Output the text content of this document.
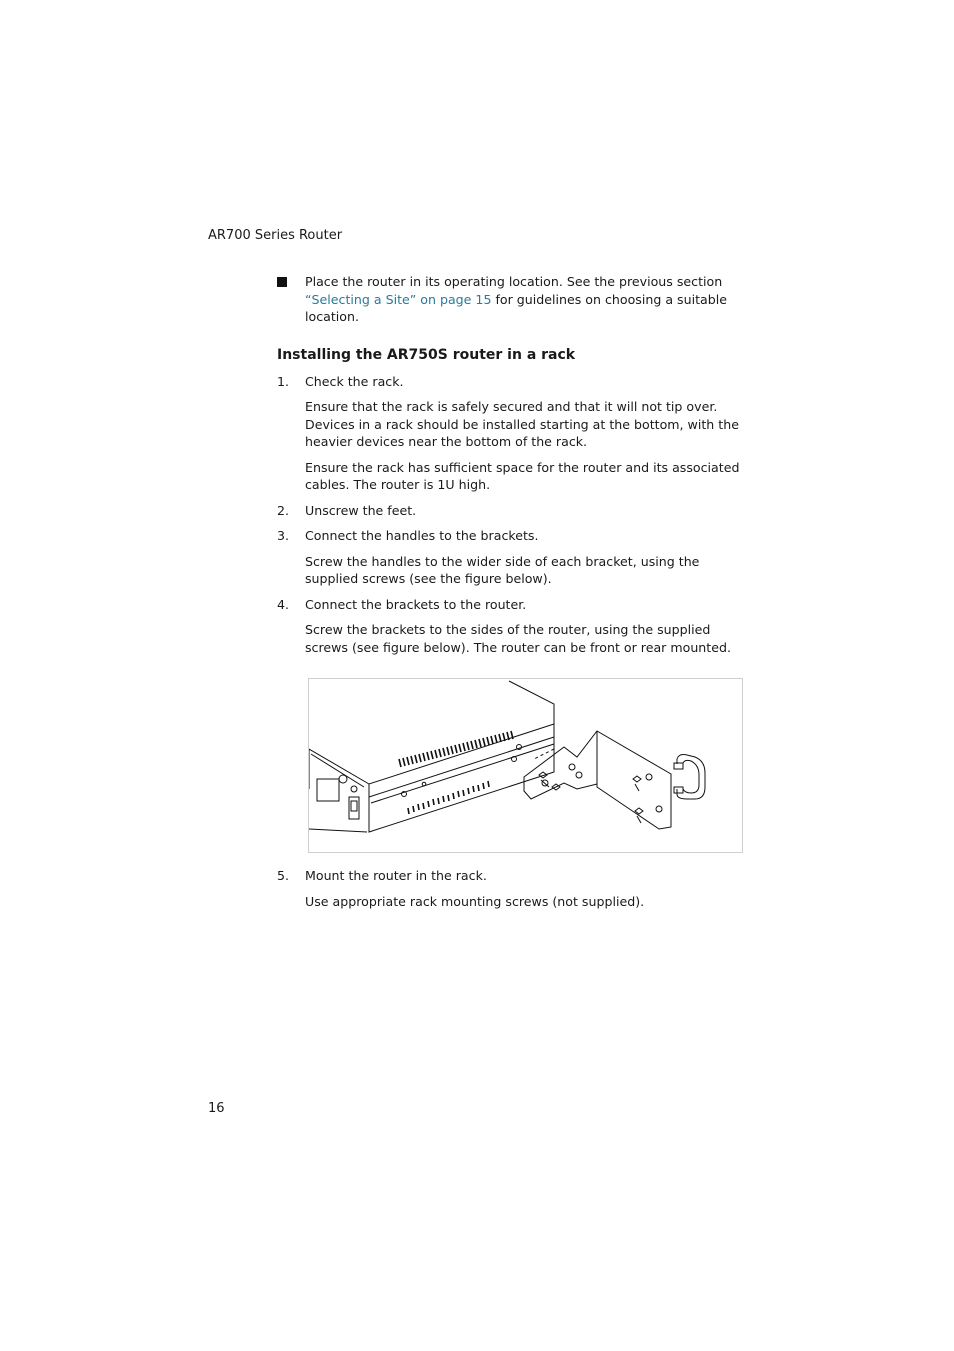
AR700 Series Router
Place the router in its operating location. See the previous section
“Selecting a Site” on page 15 for guidelines on choosing a suitable location.
Installing the AR750S router in a rack
1. Check the rack.
Ensure that the rack is safely secured and that it will not tip over. Devices in a rack should be installed starting at the bottom, with the heavier devices near the bottom of the rack.
Ensure the rack has sufficient space for the router and its associated cables. The router is 1U high.
2. Unscrew the feet.
3. Connect the handles to the brackets.
Screw the handles to the wider side of each bracket, using the supplied screws (see the figure below).
4. Connect the brackets to the router.
Screw the brackets to the sides of the router, using the supplied screws (see figure below). The router can be front or rear mounted.
5. Mount the router in the rack.
Use appropriate rack mounting screws (not supplied).
16
